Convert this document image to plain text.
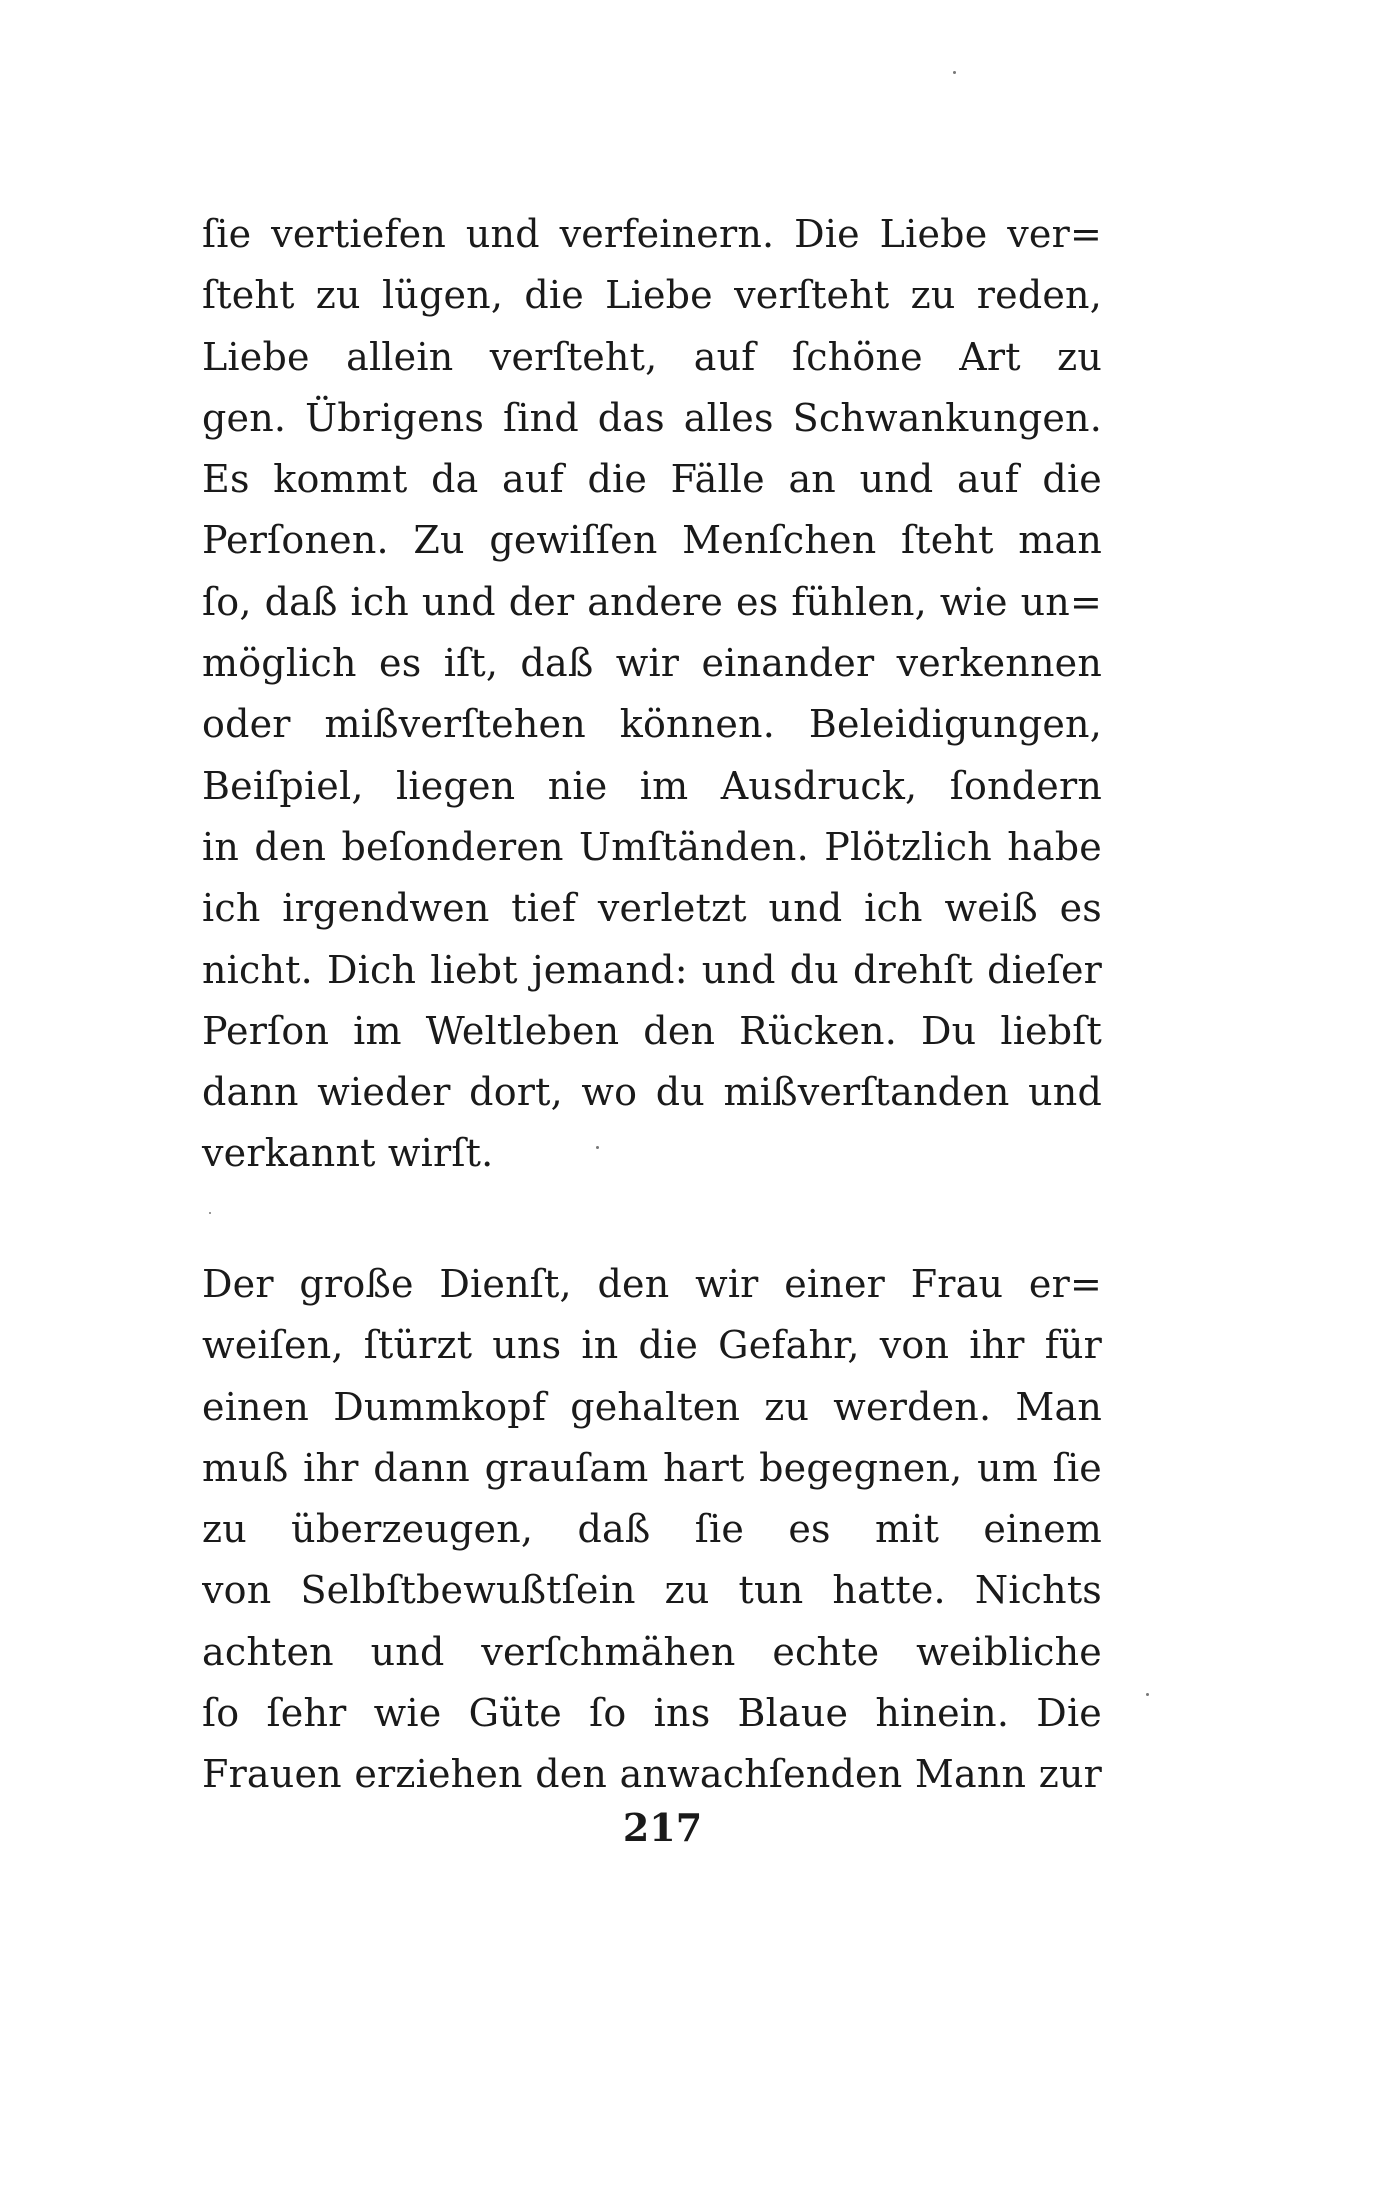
ſie vertiefen und verfeinern. Die Liebe ver=
ſteht zu lügen, die Liebe verſteht zu reden,
Liebe allein verſteht, auf ſchöne Art zu
gen. Übrigens ſind das alles Schwankungen.
Es kommt da auf die Fälle an und auf die
Perſonen. Zu gewiſſen Menſchen ſteht man
ſo, daß ich und der andere es fühlen, wie un=
möglich es iſt, daß wir einander verkennen
oder mißverſtehen können. Beleidigungen,
Beiſpiel, liegen nie im Ausdruck, ſondern
in den beſonderen Umſtänden. Plötzlich habe
ich irgendwen tief verletzt und ich weiß es
nicht. Dich liebt jemand: und du drehſt dieſer
Perſon im Weltleben den Rücken. Du liebſt
dann wieder dort, wo du mißverſtanden und
verkannt wirſt.
Der große Dienſt, den wir einer Frau er=
weiſen, ſtürzt uns in die Gefahr, von ihr für
einen Dummkopf gehalten zu werden. Man
muß ihr dann grauſam hart begegnen, um ſie
zu überzeugen, daß ſie es mit einem
von Selbſtbewußtſein zu tun hatte. Nichts
achten und verſchmähen echte weibliche
ſo ſehr wie Güte ſo ins Blaue hinein. Die
Frauen erziehen den anwachſenden Mann zur
217
